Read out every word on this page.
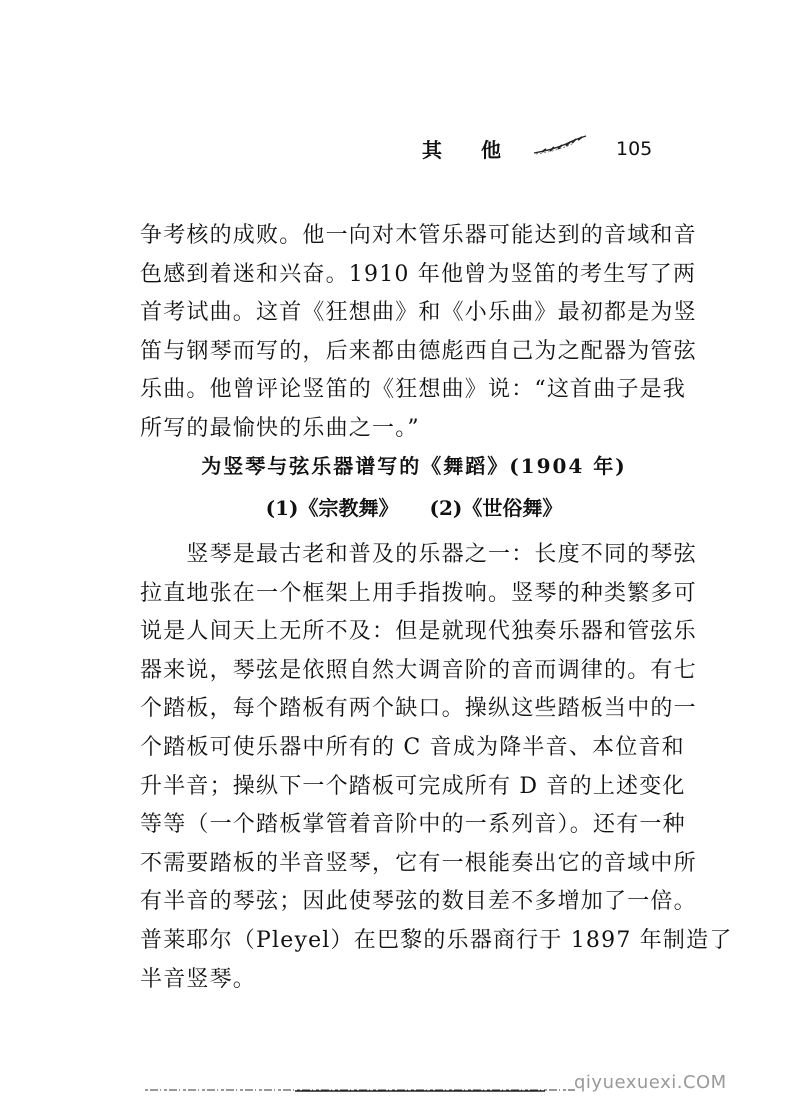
其 他	105
争考核的成败。他一向对木管乐器可能达到的音域和音
色感到着迷和兴奋。1910 年他曾为竖笛的考生写了两
首考试曲。这首《狂想曲》和《小乐曲》最初都是为竖
笛与钢琴而写的，后来都由德彪西自己为之配器为管弦
乐曲。他曾评论竖笛的《狂想曲》说：“这首曲子是我
所写的最愉快的乐曲之一。”
为竖琴与弦乐器谱写的《舞蹈》(1904 年)
(1)《宗教舞》 (2)《世俗舞》
　　竖琴是最古老和普及的乐器之一：长度不同的琴弦
拉直地张在一个框架上用手指拨响。竖琴的种类繁多可
说是人间天上无所不及：但是就现代独奏乐器和管弦乐
器来说，琴弦是依照自然大调音阶的音而调律的。有七
个踏板，每个踏板有两个缺口。操纵这些踏板当中的一
个踏板可使乐器中所有的 C 音成为降半音、本位音和
升半音；操纵下一个踏板可完成所有 D 音的上述变化
等等（一个踏板掌管着音阶中的一系列音）。还有一种
不需要踏板的半音竖琴，它有一根能奏出它的音域中所
有半音的琴弦；因此使琴弦的数目差不多增加了一倍。
普莱耶尔（Pleyel）在巴黎的乐器商行于 1897 年制造了
半音竖琴。
qiyuexuexi.COM
